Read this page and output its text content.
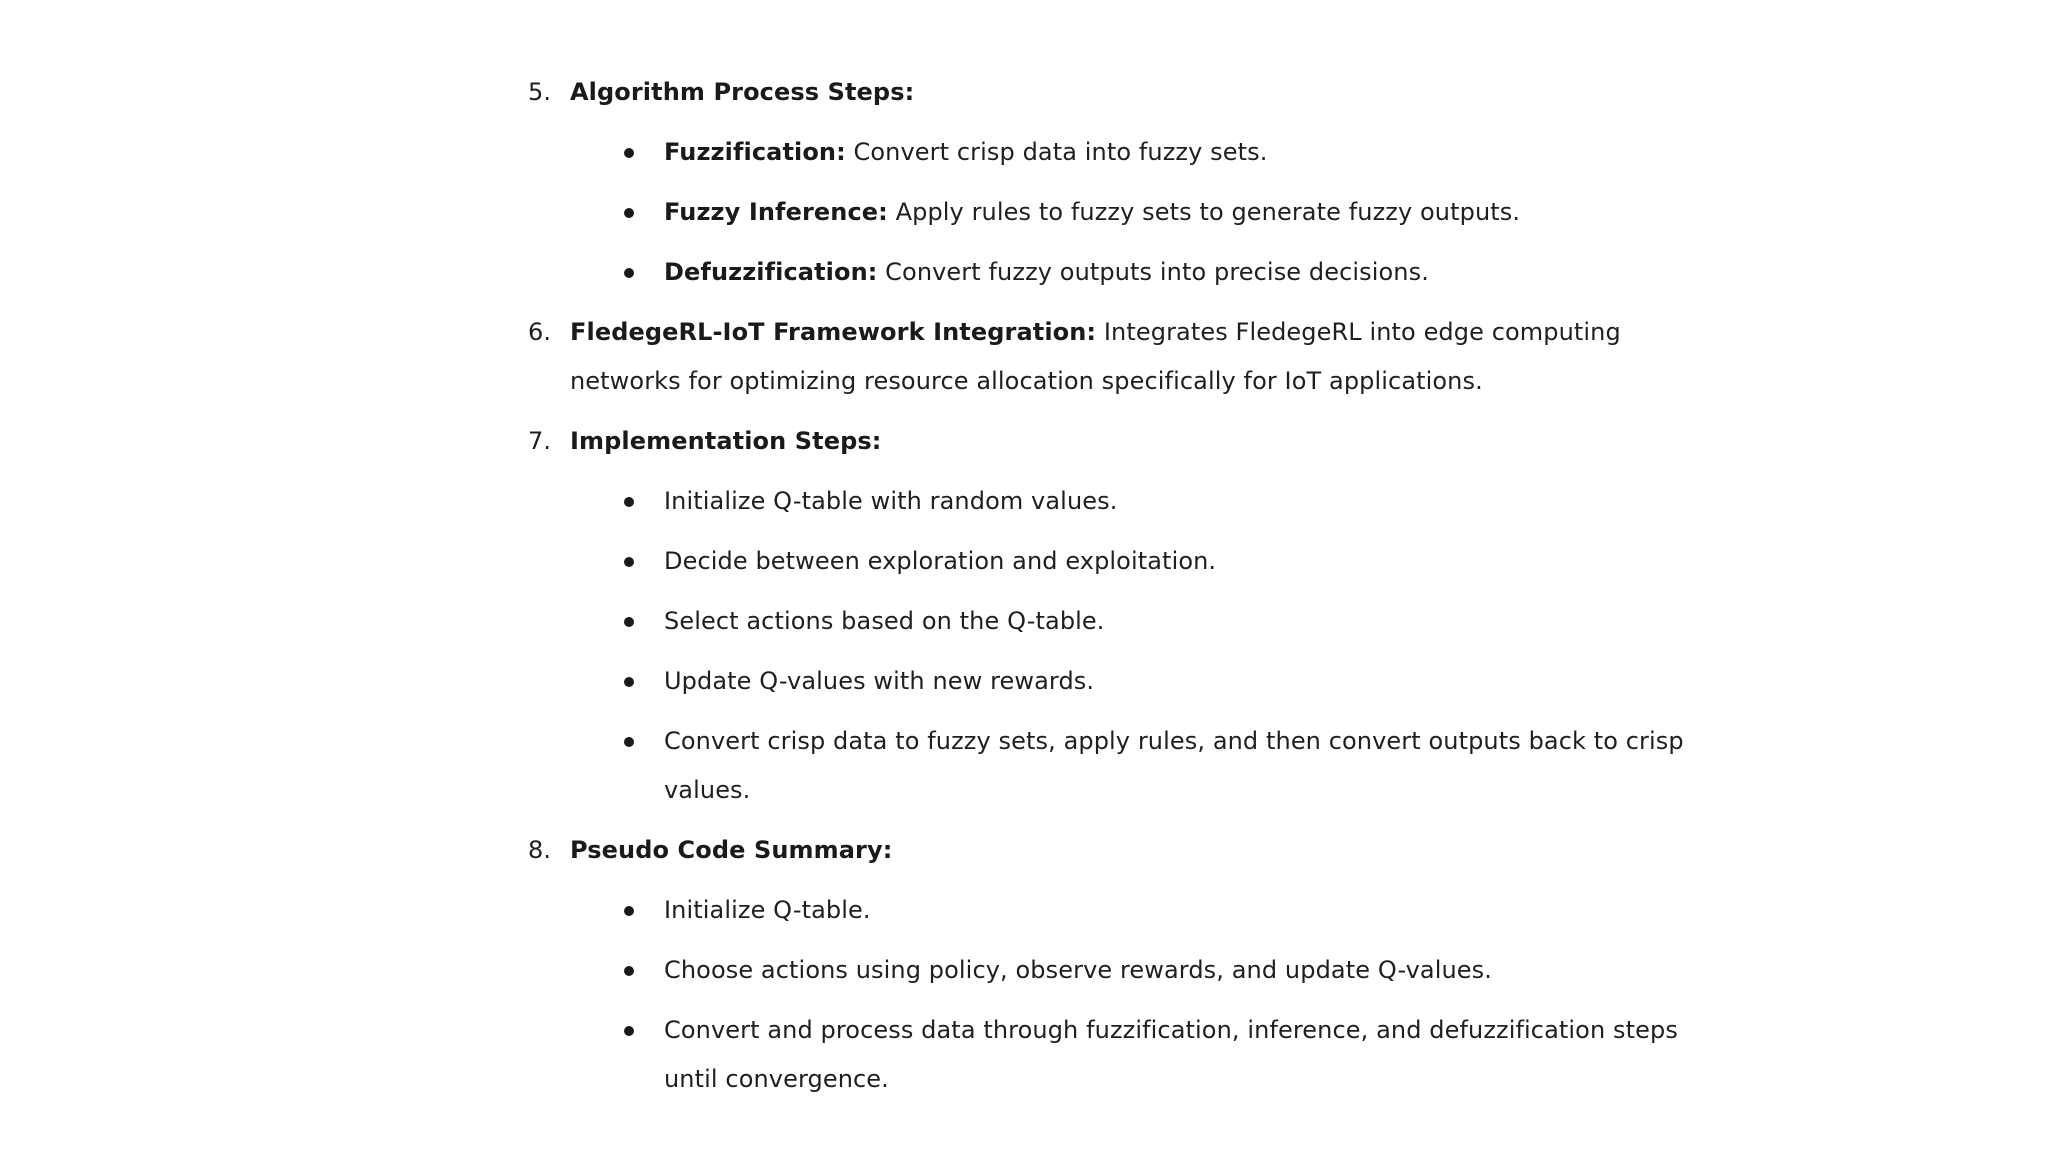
5. Algorithm Process Steps:
Fuzzification: Convert crisp data into fuzzy sets.
Fuzzy Inference: Apply rules to fuzzy sets to generate fuzzy outputs.
Defuzzification: Convert fuzzy outputs into precise decisions.
6. FledegeRL-IoT Framework Integration: Integrates FledegeRL into edge computing networks for optimizing resource allocation specifically for IoT applications.
7. Implementation Steps:
Initialize Q-table with random values.
Decide between exploration and exploitation.
Select actions based on the Q-table.
Update Q-values with new rewards.
Convert crisp data to fuzzy sets, apply rules, and then convert outputs back to crisp values.
8. Pseudo Code Summary:
Initialize Q-table.
Choose actions using policy, observe rewards, and update Q-values.
Convert and process data through fuzzification, inference, and defuzzification steps until convergence.
